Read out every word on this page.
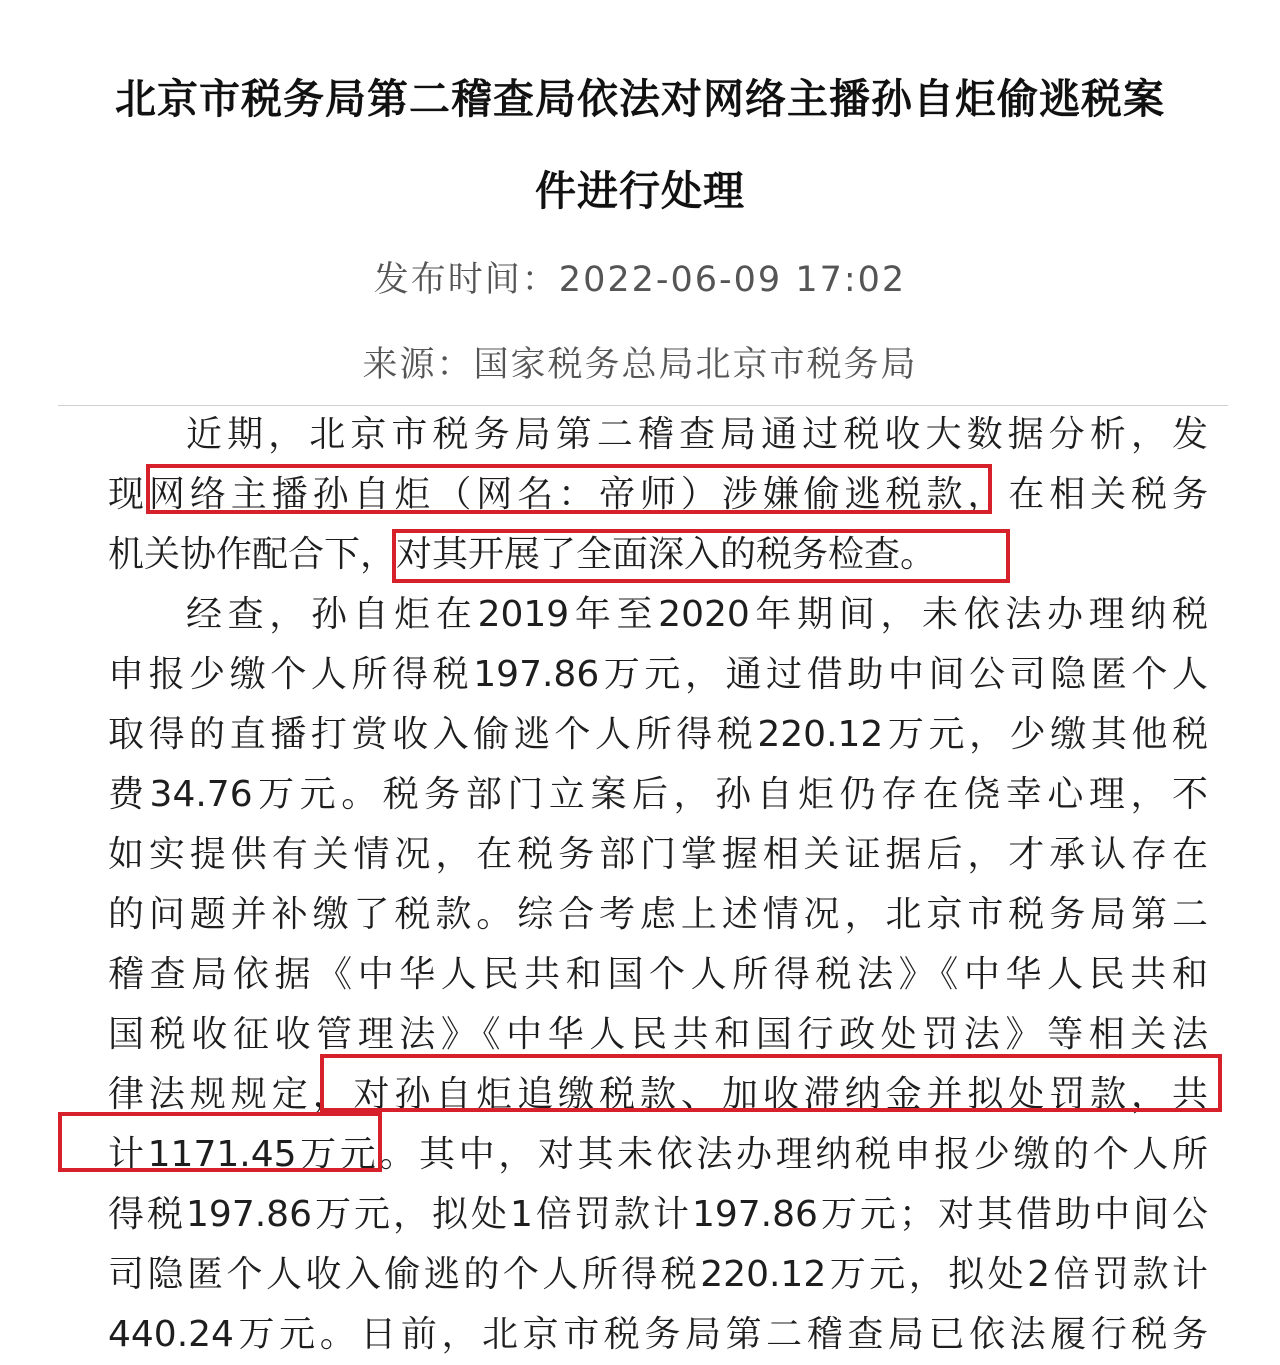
北京市税务局第二稽查局依法对网络主播孙自炬偷逃税案
件进行处理
发布时间：2022-06-09 17:02
来源：国家税务总局北京市税务局
近期，北京市税务局第二稽查局通过税收大数据分析，发
现网络主播孙自炬（网名：帝师）涉嫌偷逃税款，在相关税务
机关协作配合下，对其开展了全面深入的税务检查。
经查，孙自炬在2019年至2020年期间，未依法办理纳税
申报少缴个人所得税197.86万元，通过借助中间公司隐匿个人
取得的直播打赏收入偷逃个人所得税220.12万元，少缴其他税
费34.76万元。税务部门立案后，孙自炬仍存在侥幸心理，不
如实提供有关情况，在税务部门掌握相关证据后，才承认存在
的问题并补缴了税款。综合考虑上述情况，北京市税务局第二
稽查局依据《中华人民共和国个人所得税法》《中华人民共和
国税收征收管理法》《中华人民共和国行政处罚法》等相关法
律法规规定，对孙自炬追缴税款、加收滞纳金并拟处罚款，共
计1171.45万元。其中，对其未依法办理纳税申报少缴的个人所
得税197.86万元，拟处1倍罚款计197.86万元；对其借助中间公
司隐匿个人收入偷逃的个人所得税220.12万元，拟处2倍罚款计
440.24万元。日前，北京市税务局第二稽查局已依法履行税务
